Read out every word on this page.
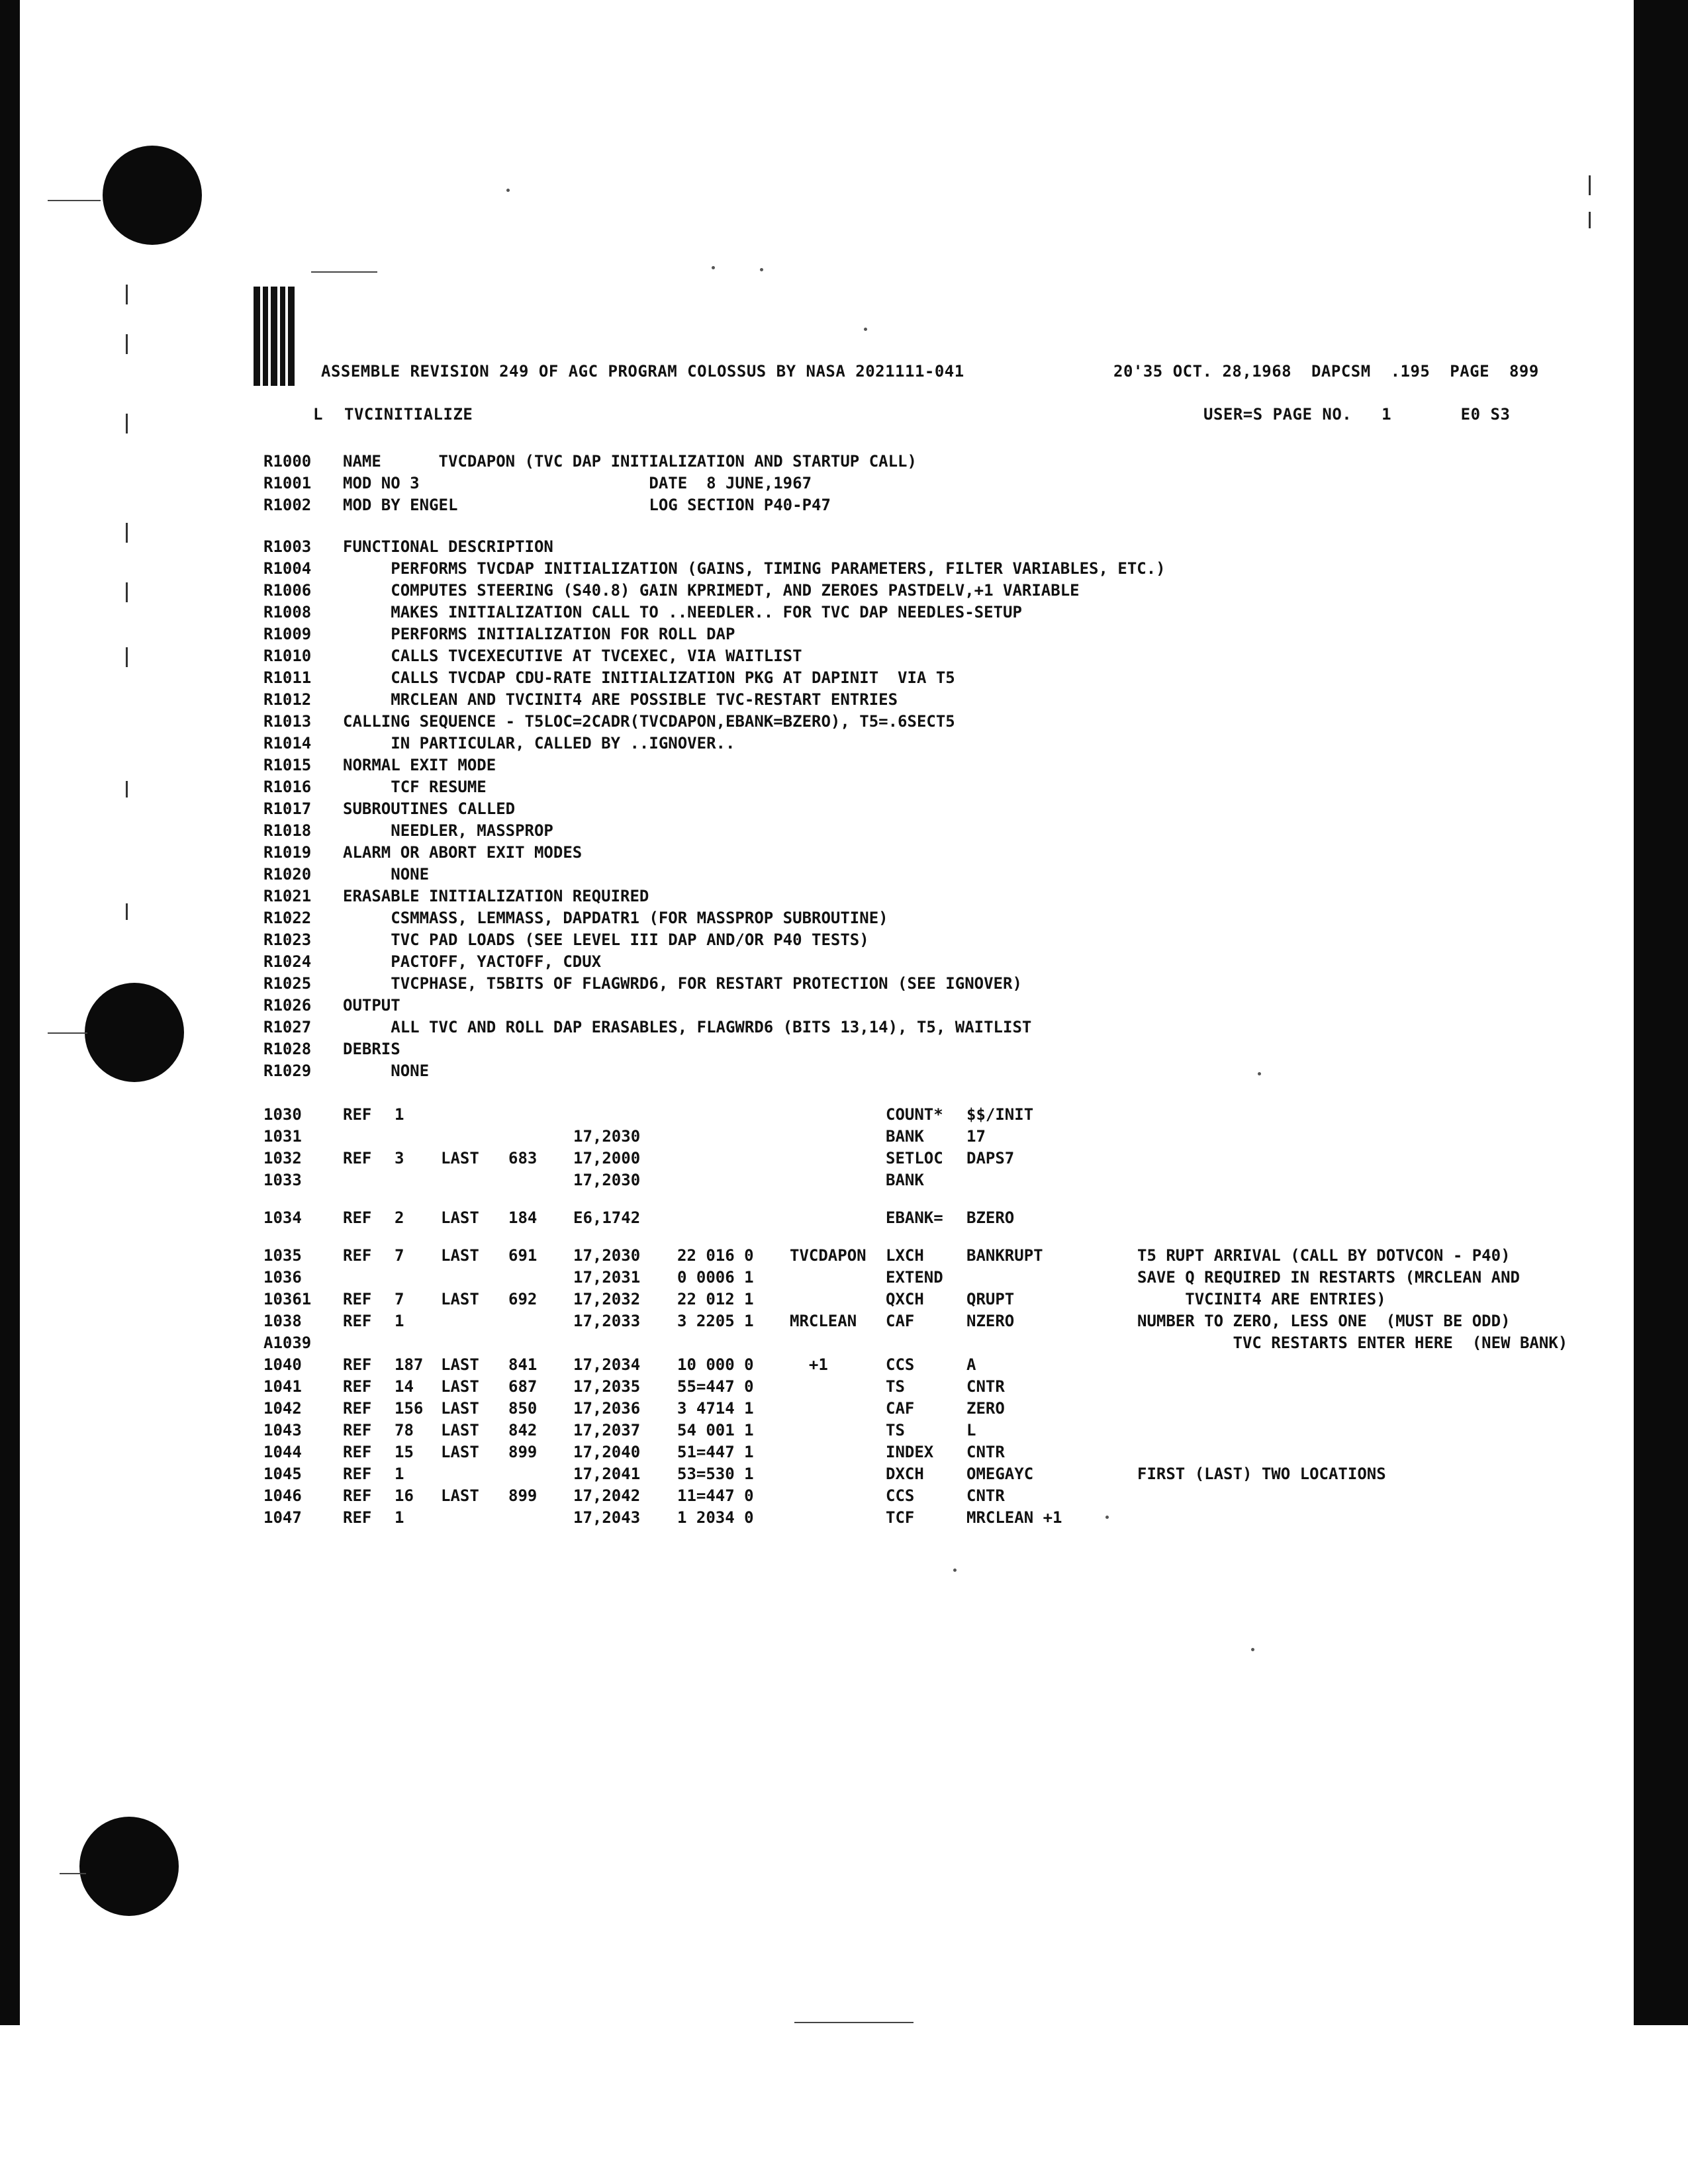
ASSEMBLE REVISION 249 OF AGC PROGRAM COLOSSUS BY NASA 2021111-041	20'35 OCT. 28,1968  DAPCSM  .195  PAGE  899
L TVCINITIALIZE	USER=S PAGE NO.   1       E0 S3
R1000 NAME      TVCDAPON (TVC DAP INITIALIZATION AND STARTUP CALL)
R1001 MOD NO 3                        DATE  8 JUNE,1967
R1002 MOD BY ENGEL                    LOG SECTION P40-P47
R1003 FUNCTIONAL DESCRIPTION
R1004 PERFORMS TVCDAP INITIALIZATION (GAINS, TIMING PARAMETERS, FILTER VARIABLES, ETC.)
R1006 COMPUTES STEERING (S40.8) GAIN KPRIMEDT, AND ZEROES PASTDELV,+1 VARIABLE
R1008 MAKES INITIALIZATION CALL TO ..NEEDLER.. FOR TVC DAP NEEDLES-SETUP
R1009 PERFORMS INITIALIZATION FOR ROLL DAP
R1010 CALLS TVCEXECUTIVE AT TVCEXEC, VIA WAITLIST
R1011 CALLS TVCDAP CDU-RATE INITIALIZATION PKG AT DAPINIT  VIA T5
R1012 MRCLEAN AND TVCINIT4 ARE POSSIBLE TVC-RESTART ENTRIES
R1013 CALLING SEQUENCE - T5LOC=2CADR(TVCDAPON,EBANK=BZERO), T5=.6SECT5
R1014 IN PARTICULAR, CALLED BY ..IGNOVER..
R1015 NORMAL EXIT MODE
R1016 TCF RESUME
R1017 SUBROUTINES CALLED
R1018 NEEDLER, MASSPROP
R1019 ALARM OR ABORT EXIT MODES
R1020 NONE
R1021 ERASABLE INITIALIZATION REQUIRED
R1022 CSMMASS, LEMMASS, DAPDATR1 (FOR MASSPROP SUBROUTINE)
R1023 TVC PAD LOADS (SEE LEVEL III DAP AND/OR P40 TESTS)
R1024 PACTOFF, YACTOFF, CDUX
R1025 TVCPHASE, T5BITS OF FLAGWRD6, FOR RESTART PROTECTION (SEE IGNOVER)
R1026 OUTPUT
R1027 ALL TVC AND ROLL DAP ERASABLES, FLAGWRD6 (BITS 13,14), T5, WAITLIST
R1028 DEBRIS
R1029 NONE
1030	REF 1	COUNT* $$/INIT
1031	17,2030	BANK	17
1032	REF 3 LAST 683 17,2000	SETLOC DAPS7
1033	17,2030	BANK
1034	REF 2 LAST 184 E6,1742	EBANK= BZERO
1035	REF 7 LAST 691 17,2030 22 016 0 TVCDAPON LXCH	BANKRUPT	T5 RUPT ARRIVAL (CALL BY DOTVCON - P40)
1036	17,2031 0 0006 1	EXTEND	SAVE Q REQUIRED IN RESTARTS (MRCLEAN AND
10361 REF 7 LAST 692 17,2032 22 012 1	QXCH	QRUPT	TVCINIT4 ARE ENTRIES)
1038	REF 1	17,2033 3 2205 1 MRCLEAN CAF	NZERO	NUMBER TO ZERO, LESS ONE  (MUST BE ODD)
A1039	TVC RESTARTS ENTER HERE  (NEW BANK)
1040	REF 187 LAST 841 17,2034 10 000 0 +1	CCS	A
1041	REF 14 LAST 687 17,2035 55=447 0	TS	CNTR
1042	REF 156 LAST 850 17,2036 3 4714 1	CAF	ZERO
1043	REF 78 LAST 842 17,2037 54 001 1	TS	L
1044	REF 15 LAST 899 17,2040 51=447 1	INDEX CNTR
1045	REF 1	17,2041 53=530 1	DXCH	OMEGAYC	FIRST (LAST) TWO LOCATIONS
1046	REF 16 LAST 899 17,2042 11=447 0	CCS	CNTR
1047	REF 1	17,2043 1 2034 0	TCF	MRCLEAN +1
